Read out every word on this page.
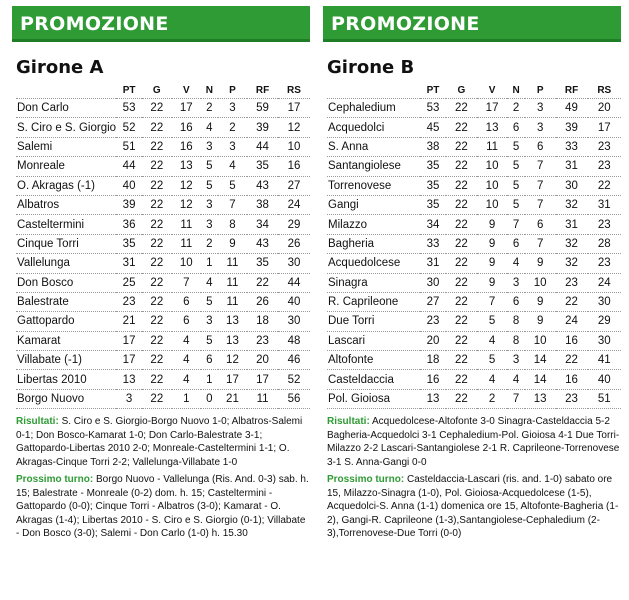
PROMOZIONE
Girone A
	PT	G	V	N	P	RF	RS
Don Carlo	53	22	17	2	3	59	17
S. Ciro e S. Giorgio	52	22	16	4	2	39	12
Salemi	51	22	16	3	3	44	10
Monreale	44	22	13	5	4	35	16
O. Akragas (-1)	40	22	12	5	5	43	27
Albatros	39	22	12	3	7	38	24
Casteltermini	36	22	11	3	8	34	29
Cinque Torri	35	22	11	2	9	43	26
Vallelunga	31	22	10	1	11	35	30
Don Bosco	25	22	7	4	11	22	44
Balestrate	23	22	6	5	11	26	40
Gattopardo	21	22	6	3	13	18	30
Kamarat	17	22	4	5	13	23	48
Villabate (-1)	17	22	4	6	12	20	46
Libertas 2010	13	22	4	1	17	17	52
Borgo Nuovo	3	22	1	0	21	11	56
Risultati: S. Ciro e S. Giorgio-Borgo Nuovo 1-0; Albatros-Salemi 0-1; Don Bosco-Kamarat 1-0; Don Carlo-Balestrate 3-1; Gattopardo-Libertas 2010 2-0; Monreale-Casteltermini 1-1; O. Akragas-Cinque Torri 2-2; Vallelunga-Villabate 1-0
Prossimo turno: Borgo Nuovo - Vallelunga (Ris. And. 0-3) sab. h. 15; Balestrate - Monreale (0-2) dom. h. 15; Casteltermini - Gattopardo (0-0); Cinque Torri - Albatros (3-0); Kamarat - O. Akragas (1-4); Libertas 2010 - S. Ciro e S. Giorgio (0-1); Villabate - Don Bosco (3-0); Salemi - Don Carlo (1-0) h. 15.30
PROMOZIONE
Girone B
	PT	G	V	N	P	RF	RS
Cephaledium	53	22	17	2	3	49	20
Acquedolci	45	22	13	6	3	39	17
S. Anna	38	22	11	5	6	33	23
Santangiolese	35	22	10	5	7	31	23
Torrenovese	35	22	10	5	7	30	22
Gangi	35	22	10	5	7	32	31
Milazzo	34	22	9	7	6	31	23
Bagheria	33	22	9	6	7	32	28
Acquedolcese	31	22	9	4	9	32	23
Sinagra	30	22	9	3	10	23	24
R. Caprileone	27	22	7	6	9	22	30
Due Torri	23	22	5	8	9	24	29
Lascari	20	22	4	8	10	16	30
Altofonte	18	22	5	3	14	22	41
Casteldaccia	16	22	4	4	14	16	40
Pol. Gioiosa	13	22	2	7	13	23	51
Risultati: Acquedolcese-Altofonte 3-0 Sinagra-Casteldaccia 5-2 Bagheria-Acquedolci 3-1 Cephaledium-Pol. Gioiosa 4-1 Due Torri-Milazzo 2-2 Lascari-Santangiolese 2-1 R. Caprileone-Torrenovese 3-1 S. Anna-Gangi 0-0
Prossimo turno: Casteldaccia-Lascari (ris. and. 1-0) sabato ore 15, Milazzo-Sinagra (1-0), Pol. Gioiosa-Acquedolcese (1-5), Acquedolci-S. Anna (1-1) domenica ore 15, Altofonte-Bagheria (1-2), Gangi-R. Caprileone (1-3),Santangiolese-Cephaledium (2-3),Torrenovese-Due Torri (0-0)
